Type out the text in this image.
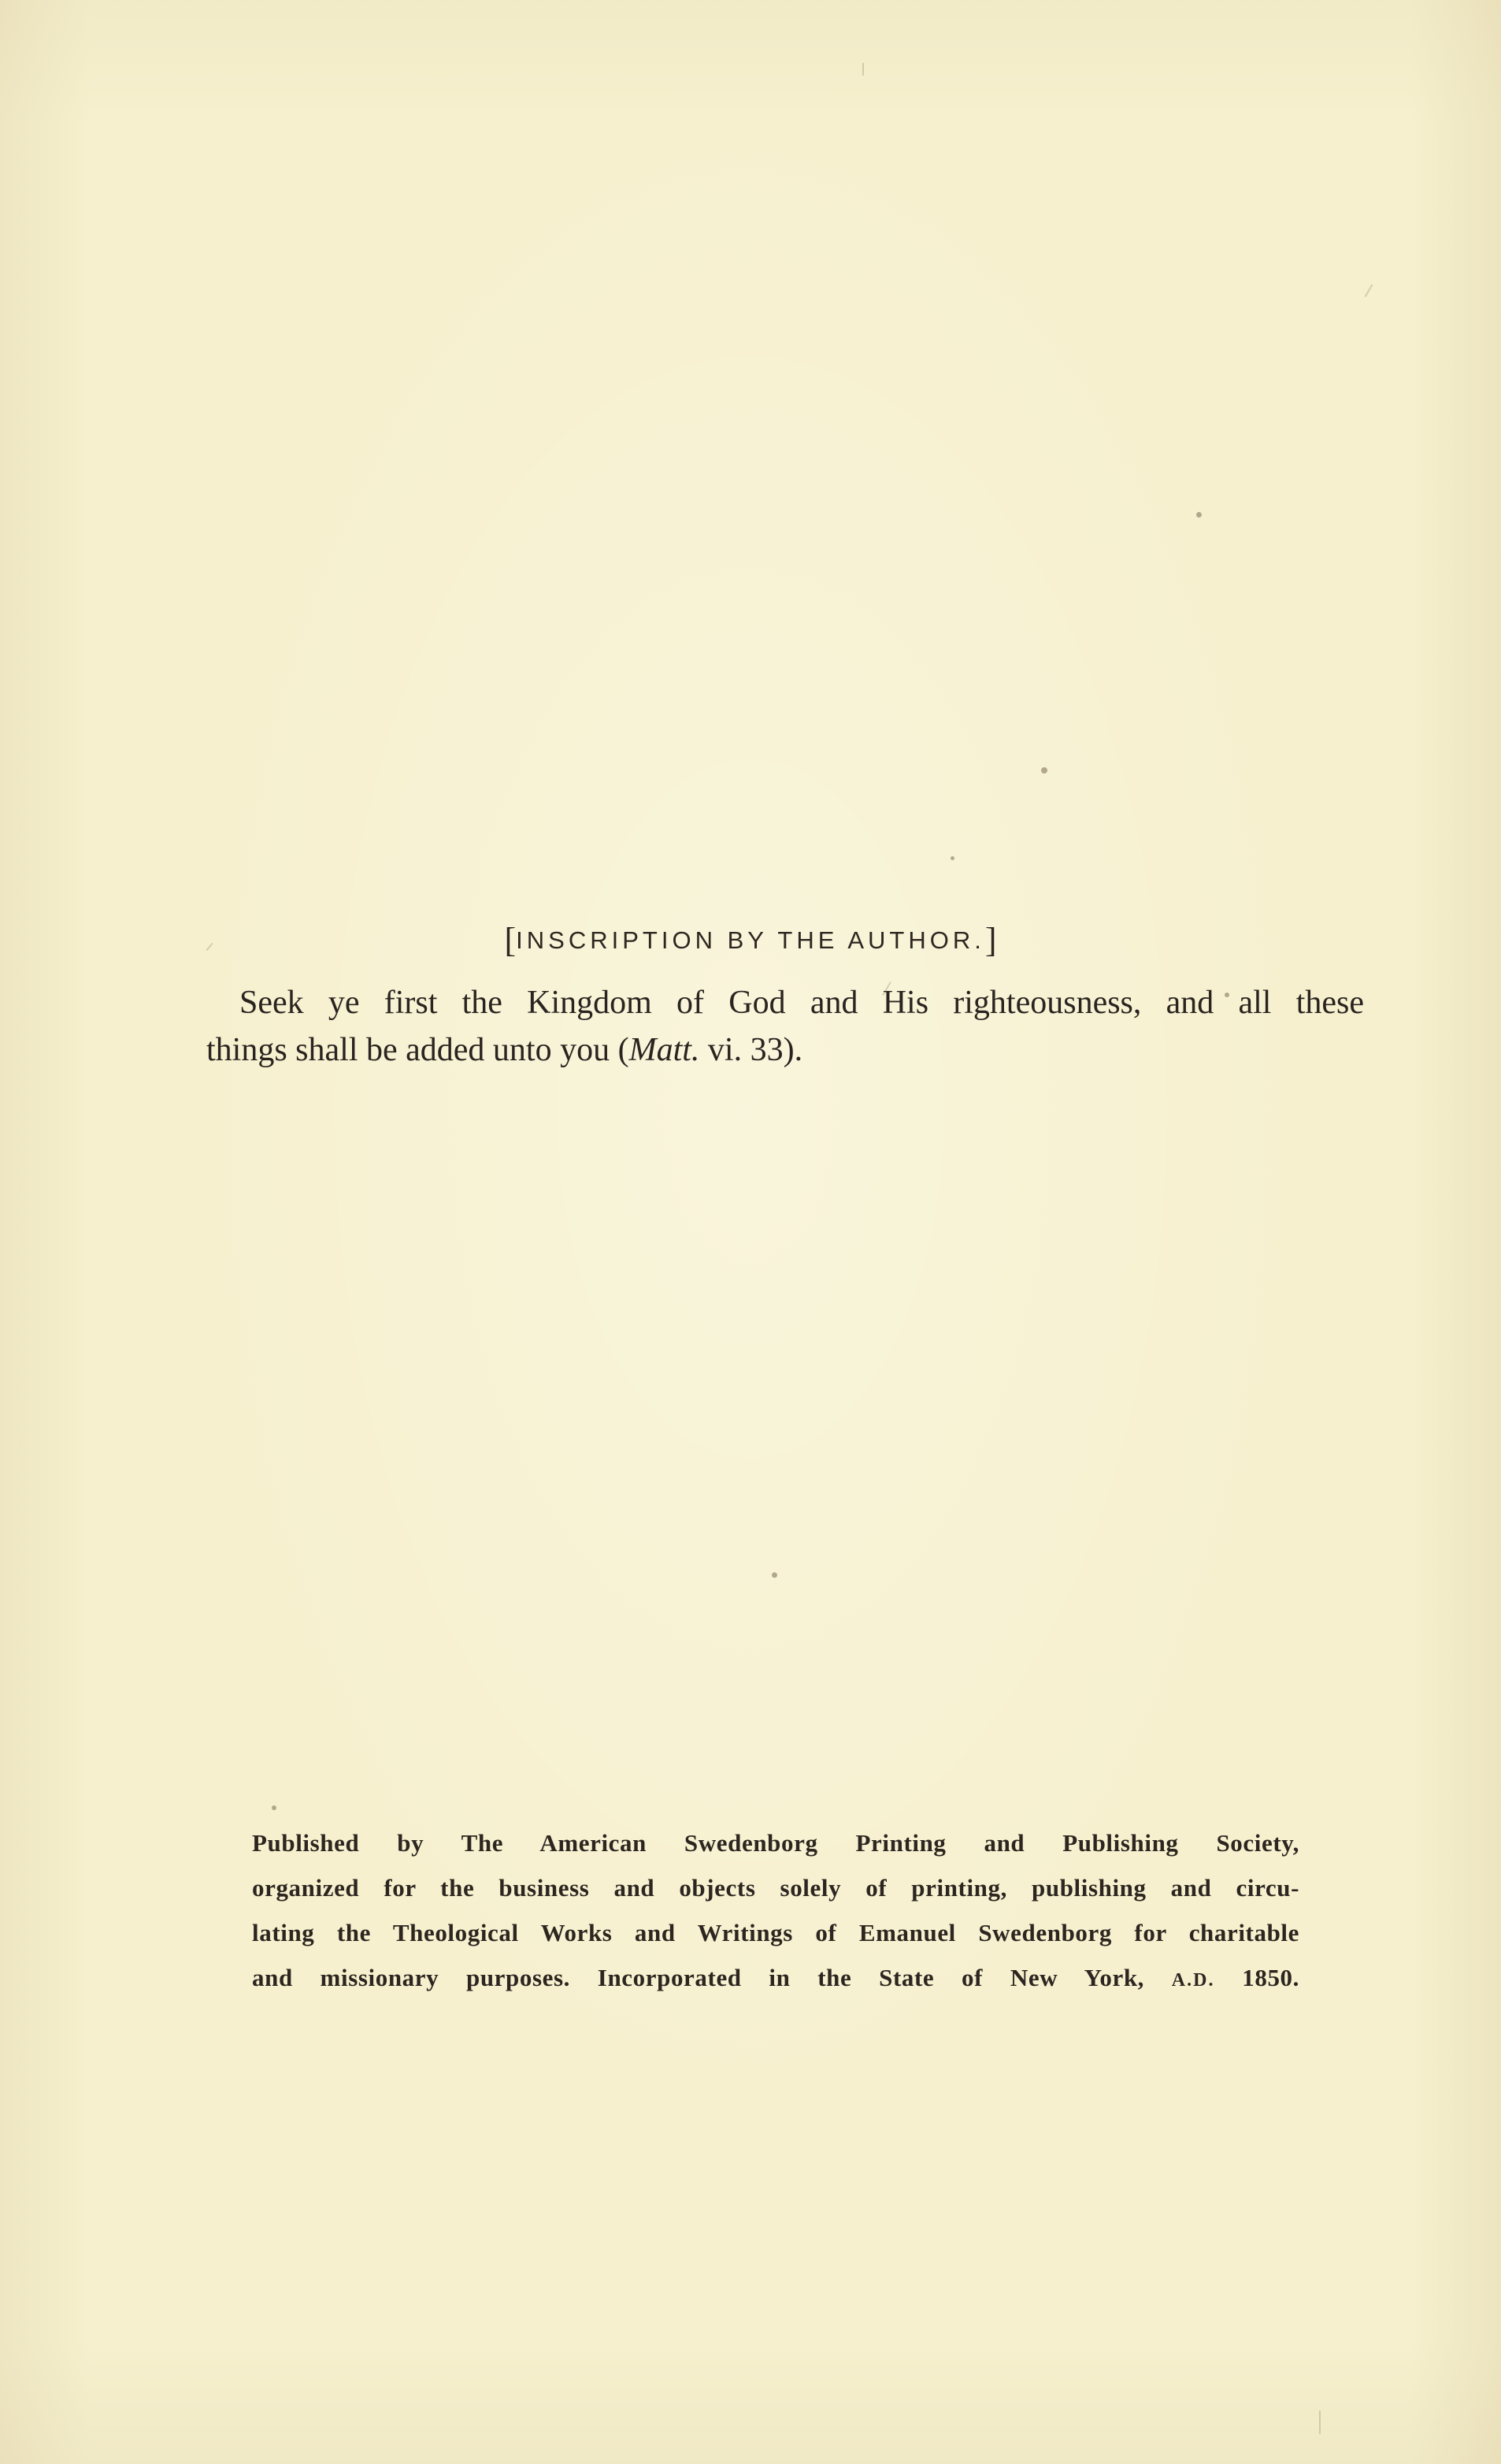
[INSCRIPTION BY THE AUTHOR.]
Seek ye first the Kingdom of God and His righteousness, and all these
things shall be added unto you (Matt. vi. 33).
Published by The American Swedenborg Printing and Publishing Society,
organized for the business and objects solely of printing, publishing and circu-
lating the Theological Works and Writings of Emanuel Swedenborg for charitable
and missionary purposes. Incorporated in the State of New York, A.D. 1850.
